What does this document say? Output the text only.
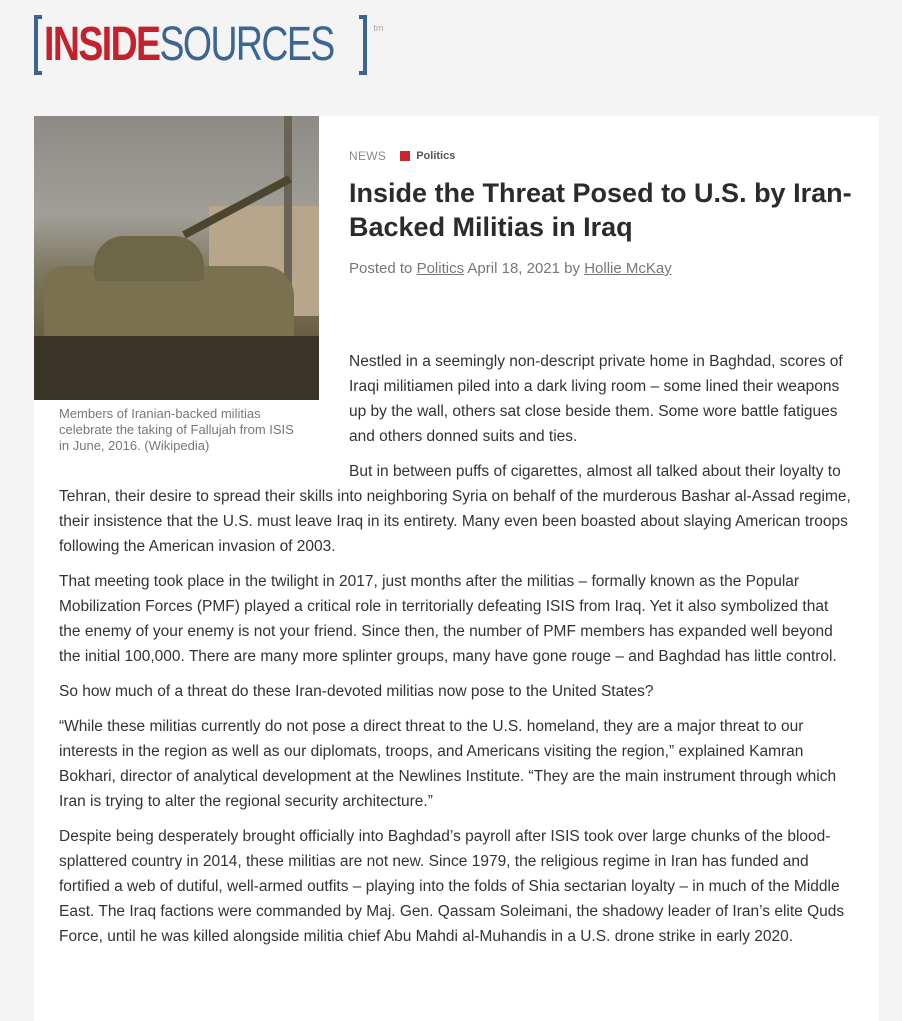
INSIDESOURCES	tm
Members of Iranian-backed militias celebrate the taking of Fallujah from ISIS in June, 2016. (Wikipedia)
NEWS	Politics
Inside the Threat Posed to U.S. by Iran-Backed Militias in Iraq
Posted to Politics April 18, 2021 by Hollie McKay

Nestled in a seemingly non-descript private home in Baghdad, scores of Iraqi militiamen piled into a dark living room – some lined their weapons up by the wall, others sat close beside them. Some wore battle fatigues and others donned suits and ties.

But in between puffs of cigarettes, almost all talked about their loyalty to Tehran, their desire to spread their skills into neighboring Syria on behalf of the murderous Bashar al-Assad regime, their insistence that the U.S. must leave Iraq in its entirety. Many even been boasted about slaying American troops following the American invasion of 2003.

That meeting took place in the twilight in 2017, just months after the militias – formally known as the Popular Mobilization Forces (PMF) played a critical role in territorially defeating ISIS from Iraq. Yet it also symbolized that the enemy of your enemy is not your friend. Since then, the number of PMF members has expanded well beyond the initial 100,000. There are many more splinter groups, many have gone rouge – and Baghdad has little control.

So how much of a threat do these Iran-devoted militias now pose to the United States?

“While these militias currently do not pose a direct threat to the U.S. homeland, they are a major threat to our interests in the region as well as our diplomats, troops, and Americans visiting the region,” explained Kamran Bokhari, director of analytical development at the Newlines Institute. “They are the main instrument through which Iran is trying to alter the regional security architecture.”

Despite being desperately brought officially into Baghdad’s payroll after ISIS took over large chunks of the blood-splattered country in 2014, these militias are not new. Since 1979, the religious regime in Iran has funded and fortified a web of dutiful, well-armed outfits – playing into the folds of Shia sectarian loyalty – in much of the Middle East. The Iraq factions were commanded by Maj. Gen. Qassam Soleimani, the shadowy leader of Iran’s elite Quds Force, until he was killed alongside militia chief Abu Mahdi al-Muhandis in a U.S. drone strike in early 2020.
